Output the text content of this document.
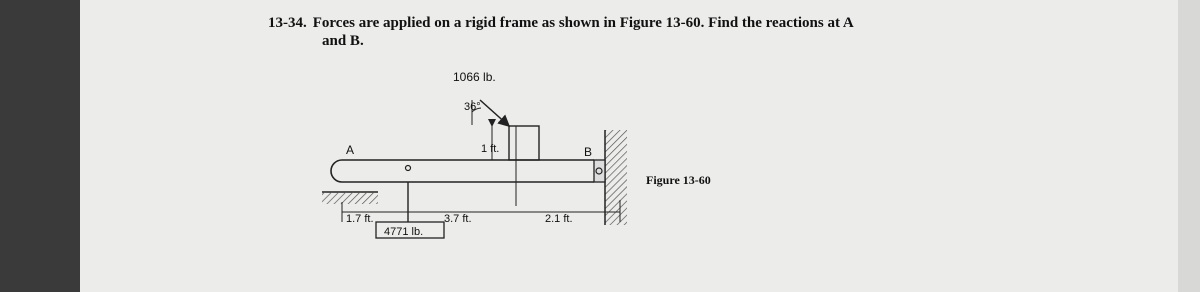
13-34. Forces are applied on a rigid frame as shown in Figure 13-60. Find the reactions at A
and B.
1066 lb.
36°
1 ft.
A	B
1.7 ft.	3.7 ft.	2.1 ft.
4771 lb.
Figure 13-60
